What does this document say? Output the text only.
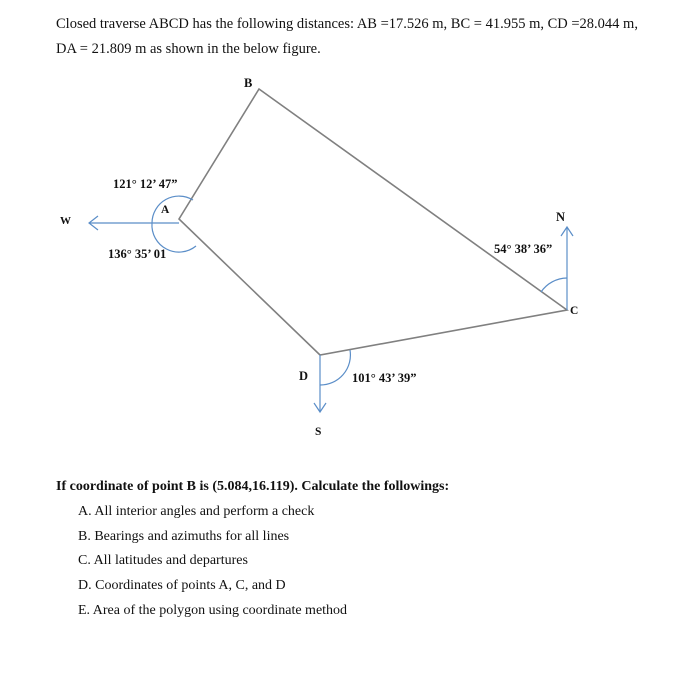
Closed traverse ABCD has the following distances: AB =17.526 m, BC = 41.955 m, CD =28.044 m,

DA = 21.809 m as shown in the below figure.

B
A
C
D
W	N
S
121° 12’ 47”
136° 35’ 01	54° 38’ 36”
101° 43’ 39”
If coordinate of point B is (5.084,16.119). Calculate the followings:
A. All interior angles and perform a check
B. Bearings and azimuths for all lines
C. All latitudes and departures
D. Coordinates of points A, C, and D
E. Area of the polygon using coordinate method
